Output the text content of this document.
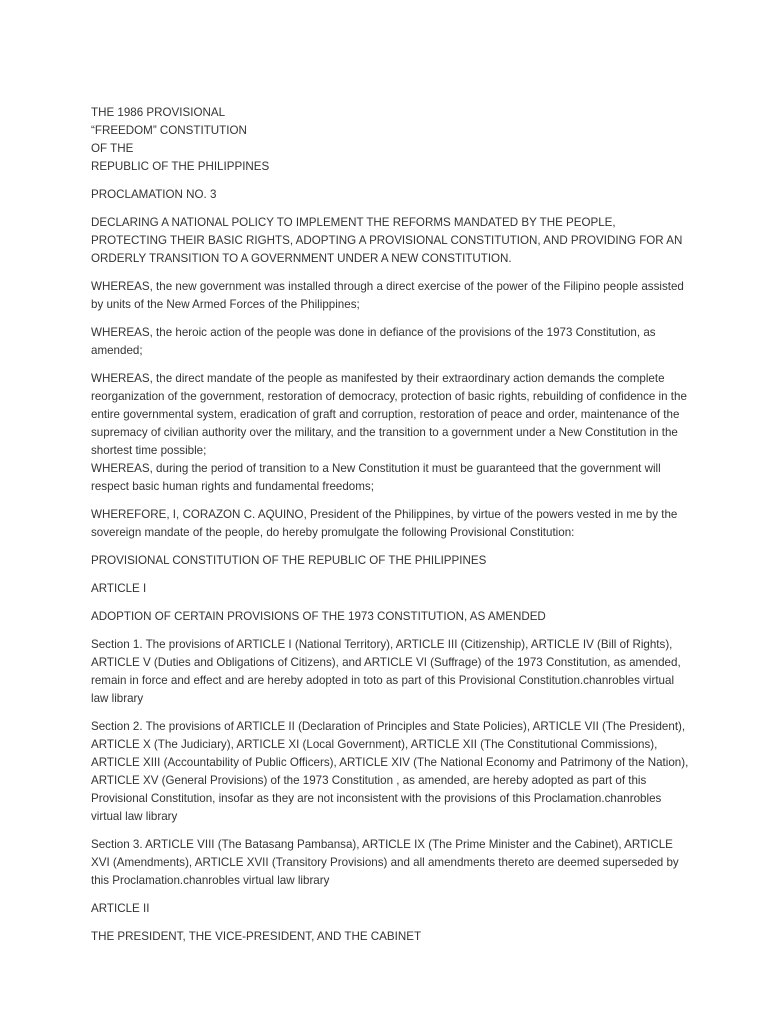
THE 1986 PROVISIONAL
“FREEDOM” CONSTITUTION
OF THE
REPUBLIC OF THE PHILIPPINES

PROCLAMATION NO. 3

DECLARING A NATIONAL POLICY TO IMPLEMENT THE REFORMS MANDATED BY THE PEOPLE, PROTECTING THEIR BASIC RIGHTS, ADOPTING A PROVISIONAL CONSTITUTION, AND PROVIDING FOR AN ORDERLY TRANSITION TO A GOVERNMENT UNDER A NEW CONSTITUTION.

WHEREAS, the new government was installed through a direct exercise of the power of the Filipino people assisted by units of the New Armed Forces of the Philippines;

WHEREAS, the heroic action of the people was done in defiance of the provisions of the 1973 Constitution, as amended;

WHEREAS, the direct mandate of the people as manifested by their extraordinary action demands the complete reorganization of the government, restoration of democracy, protection of basic rights, rebuilding of confidence in the entire governmental system, eradication of graft and corruption, restoration of peace and order, maintenance of the supremacy of civilian authority over the military, and the transition to a government under a New Constitution in the shortest time possible;

WHEREAS, during the period of transition to a New Constitution it must be guaranteed that the government will respect basic human rights and fundamental freedoms;

WHEREFORE, I, CORAZON C. AQUINO, President of the Philippines, by virtue of the powers vested in me by the sovereign mandate of the people, do hereby promulgate the following Provisional Constitution:

PROVISIONAL CONSTITUTION OF THE REPUBLIC OF THE PHILIPPINES

ARTICLE I

ADOPTION OF CERTAIN PROVISIONS OF THE 1973 CONSTITUTION, AS AMENDED

Section 1. The provisions of ARTICLE I (National Territory), ARTICLE III (Citizenship), ARTICLE IV (Bill of Rights), ARTICLE V (Duties and Obligations of Citizens), and ARTICLE VI (Suffrage) of the 1973 Constitution, as amended, remain in force and effect and are hereby adopted in toto as part of this Provisional Constitution.chanrobles virtual law library

Section 2. The provisions of ARTICLE II (Declaration of Principles and State Policies), ARTICLE VII (The President), ARTICLE X (The Judiciary), ARTICLE XI (Local Government), ARTICLE XII (The Constitutional Commissions), ARTICLE XIII (Accountability of Public Officers), ARTICLE XIV (The National Economy and Patrimony of the Nation), ARTICLE XV (General Provisions) of the 1973 Constitution , as amended, are hereby adopted as part of this Provisional Constitution, insofar as they are not inconsistent with the provisions of this Proclamation.chanrobles virtual law library

Section 3. ARTICLE VIII (The Batasang Pambansa), ARTICLE IX (The Prime Minister and the Cabinet), ARTICLE XVI (Amendments), ARTICLE XVII (Transitory Provisions) and all amendments thereto are deemed superseded by this Proclamation.chanrobles virtual law library

ARTICLE II

THE PRESIDENT, THE VICE-PRESIDENT, AND THE CABINET
